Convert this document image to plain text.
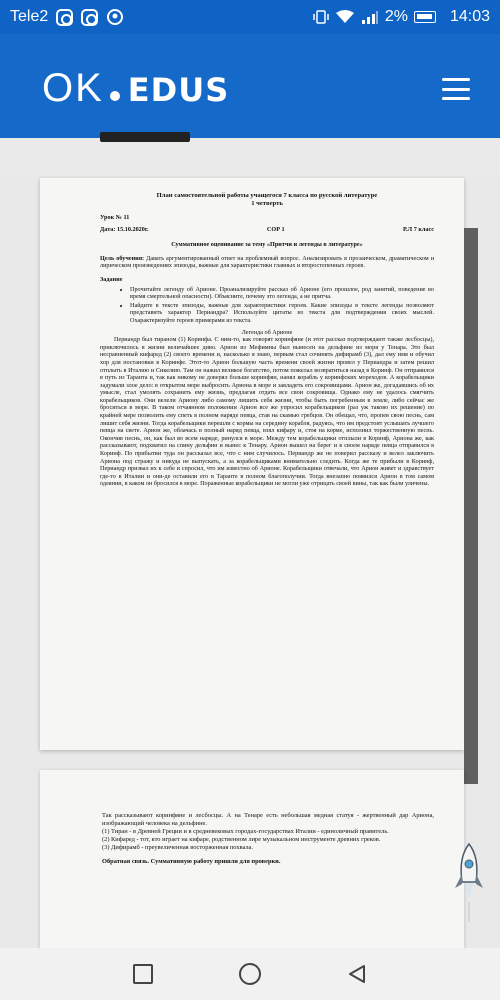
Tele2	2%	14:03
OK EDUS
План самостоятельной работы учащегося 7 класса по русской литературе
1 четверть
Урок № 11
Дата: 15.10.2020г.	СОР 1	Р.Л 7 класс
Суммативное оценивание за тему «Притчи и легенды в литературе»
Цель обучения: Давать аргументированный ответ на проблемный вопрос. Анализировать в прозаическом, драматическом и лирическом произведениях эпизоды, важные для характеристики главных и второстепенных героев.
Задание
• Прочитайте легенду об Арионе. Проанализируйте рассказ об Арионе (его прошлое, род занятий, поведение во время смертельной опасности). Объясните, почему это легенда, а не притча.
• Найдите в тексте эпизоды, важные для характеристики героев. Какие эпизоды в тексте легенды позволяют представить характер Периандра? Используйте цитаты из текста для подтверждения своих мыслей. Охарактеризуйте героев примерами из текста.
Легенда об Арионе
Периандр был тираном (1) Коринфа. С ним-то, как говорят коринфяне (и этот рассказ подтверждают также лесбосцы), приключилось в жизни величайшее диво. Арион из Мефимны был вынесен на дельфине из моря у Тенара. Это был несравненный кифаред (2) своего времени и, насколько я знаю, первым стал сочинять дифирамб (3), дал ему имя и обучил хор для постановки в Коринфе. Этот-то Арион большую часть времени своей жизни провел у Периандра и затем решил отплыть в Италию и Сикелию. Там он нажил великое богатство, потом пожелал возвратиться назад в Коринф. Он отправился в путь из Таранта и, так как никому не доверял больше коринфян, нанял корабль у коринфских мореходов. А корабельщики задумали злое дело: в открытом море выбросить Ариона в море и завладеть его сокровищами. Арион же, догадавшись об их умысле, стал умолять сохранить ему жизнь, предлагая отдать все свои сокровища. Однако ему не удалось смягчить корабельщиков. Они велели Ариону либо самому лишить себя жизни, чтобы быть погребенным в земле, либо сейчас же броситься в море. В таком отчаянном положении Арион все же упросил корабельщиков (раз уж таково их решение) по крайней мере позволить ему спеть в полном наряде певца, став на скамью гребцов. Он обещал, что, пропев свою песнь, сам лишит себя жизни. Тогда корабельщики перешли с кормы на середину корабля, радуясь, что им предстоит услышать лучшего певца на свете. Арион же, облачась в полный наряд певца, взял кифару и, стоя на корме, исполнил торжественную песнь. Окончив песнь, он, как был во всем наряде, ринулся в море. Между тем корабельщики отплыли в Коринф, Ариона же, как рассказывают, подхватил на спину дельфин и вынес к Тенару. Арион вышел на берег и в своем наряде певца отправился в Коринф. По прибытии туда он рассказал все, что с ним случилось. Периандр же не поверил рассказу и велел заключить Ариона под стражу и никуда не выпускать, а за корабельщиками внимательно следить. Когда же те прибыли в Коринф, Периандр призвал их к себе и спросил, что им известно об Арионе. Корабельщики отвечали, что Арион живет и здравствует где-то в Италии и они-де оставили его в Таранте в полном благополучии. Тогда внезапно появился Арион в том самом одеянии, в каком он бросился в море. Пораженные корабельщики не могли уже отрицать своей вины, так как были уличены.
Так рассказывают коринфяне и лесбосцы. А на Тенаре есть небольшая медная статуя - жертвенный дар Ариона, изображающий человека на дельфине.
(1) Тиран - в Древней Греции и в средневековых городах-государствах Италии - единоличный правитель.
(2) Кифаред - тот, кто играет на кифаре, родственном лире музыкальном инструменте древних греков.
(3) Дифирамб - преувеличенная восторженная похвала.
Обратная связь. Суммативную работу пришли для проверки.
